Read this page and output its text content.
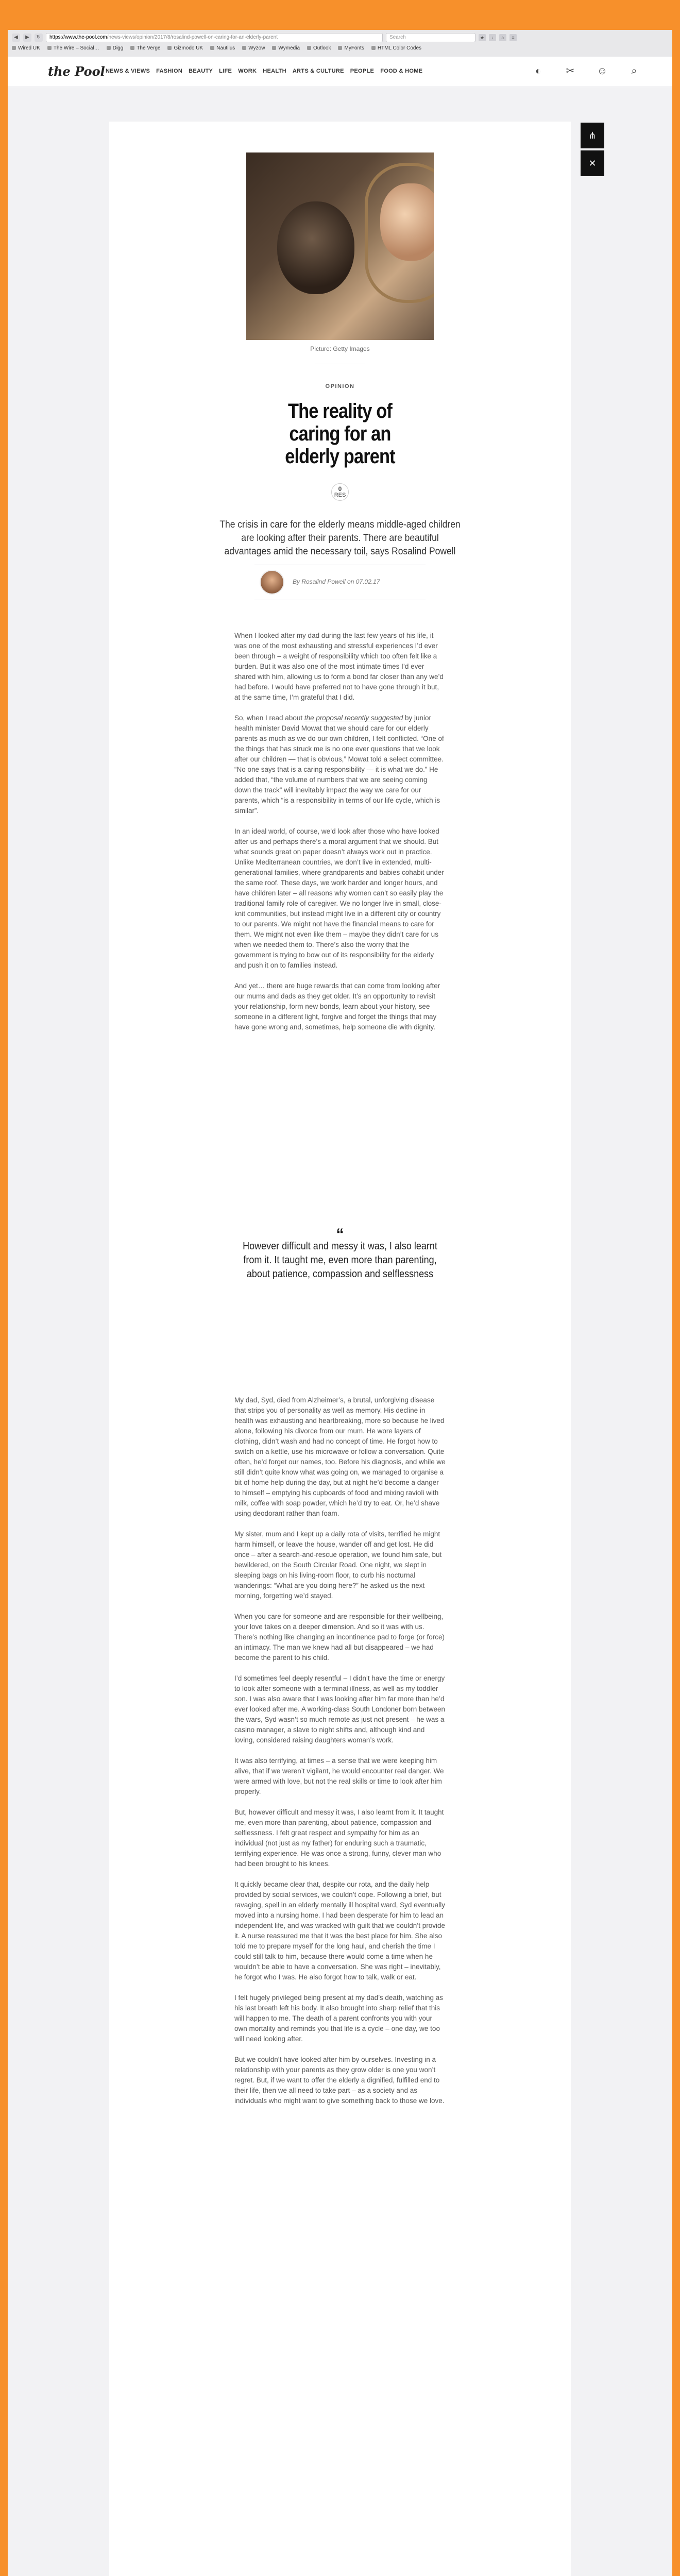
◀	▶	↻	https://www.the-pool.com/news-views/opinion/2017/8/rosalind-powell-on-caring-for-an-elderly-parent	Search	★	↓	⌂	≡
Wired UK	The Wire – Social…	Digg	The Verge	Gizmodo UK	Nautilus	Wyzow	Wymedia	Outlook	MyFonts	HTML Color Codes
the Pool NEWS & VIEWS FASHION BEAUTY LIFE WORK HEALTH ARTS & CULTURE PEOPLE FOOD & HOME	◐	✂ ☺	⌕
⋔
✕
Picture: Getty Images
OPINION
The reality of caring for an elderly parent
0
RES
The crisis in care for the elderly means middle-aged children are looking after their parents. There are beautiful advantages amid the necessary toil, says Rosalind Powell
By Rosalind Powell on 07.02.17

When I looked after my dad during the last few years of his life, it was one of the most exhausting and stressful experiences I’d ever been through – a weight of responsibility which too often felt like a burden. But it was also one of the most intimate times I’d ever shared with him, allowing us to form a bond far closer than any we’d had before. I would have preferred not to have gone through it but, at the same time, I’m grateful that I did.

So, when I read about the proposal recently suggested by junior health minister David Mowat that we should care for our elderly parents as much as we do our own children, I felt conflicted. “One of the things that has struck me is no one ever questions that we look after our children — that is obvious,” Mowat told a select committee. “No one says that is a caring responsibility — it is what we do.” He added that, “the volume of numbers that we are seeing coming down the track” will inevitably impact the way we care for our parents, which “is a responsibility in terms of our life cycle, which is similar”.

In an ideal world, of course, we’d look after those who have looked after us and perhaps there’s a moral argument that we should. But what sounds great on paper doesn’t always work out in practice. Unlike Mediterranean countries, we don’t live in extended, multi-generational families, where grandparents and babies cohabit under the same roof. These days, we work harder and longer hours, and have children later – all reasons why women can’t so easily play the traditional family role of caregiver. We no longer live in small, close-knit communities, but instead might live in a different city or country to our parents. We might not have the financial means to care for them. We might not even like them – maybe they didn’t care for us when we needed them to. There’s also the worry that the government is trying to bow out of its responsibility for the elderly and push it on to families instead.

And yet… there are huge rewards that can come from looking after our mums and dads as they get older. It’s an opportunity to revisit your relationship, form new bonds, learn about your history, see someone in a different light, forgive and forget the things that may have gone wrong and, sometimes, help someone die with dignity.

“
However difficult and messy it was, I also learnt from it. It taught me, even more than parenting, about patience, compassion and selflessness

My dad, Syd, died from Alzheimer’s, a brutal, unforgiving disease that strips you of personality as well as memory. His decline in health was exhausting and heartbreaking, more so because he lived alone, following his divorce from our mum. He wore layers of clothing, didn’t wash and had no concept of time. He forgot how to switch on a kettle, use his microwave or follow a conversation. Quite often, he’d forget our names, too. Before his diagnosis, and while we still didn’t quite know what was going on, we managed to organise a bit of home help during the day, but at night he’d become a danger to himself – emptying his cupboards of food and mixing ravioli with milk, coffee with soap powder, which he’d try to eat. Or, he’d shave using deodorant rather than foam.

My sister, mum and I kept up a daily rota of visits, terrified he might harm himself, or leave the house, wander off and get lost. He did once – after a search-and-rescue operation, we found him safe, but bewildered, on the South Circular Road. One night, we slept in sleeping bags on his living-room floor, to curb his nocturnal wanderings: “What are you doing here?” he asked us the next morning, forgetting we’d stayed.

When you care for someone and are responsible for their wellbeing, your love takes on a deeper dimension. And so it was with us. There’s nothing like changing an incontinence pad to forge (or force) an intimacy. The man we knew had all but disappeared – we had become the parent to his child.

I’d sometimes feel deeply resentful – I didn’t have the time or energy to look after someone with a terminal illness, as well as my toddler son. I was also aware that I was looking after him far more than he’d ever looked after me. A working-class South Londoner born between the wars, Syd wasn’t so much remote as just not present – he was a casino manager, a slave to night shifts and, although kind and loving, considered raising daughters woman’s work.

It was also terrifying, at times – a sense that we were keeping him alive, that if we weren’t vigilant, he would encounter real danger. We were armed with love, but not the real skills or time to look after him properly.

But, however difficult and messy it was, I also learnt from it. It taught me, even more than parenting, about patience, compassion and selflessness. I felt great respect and sympathy for him as an individual (not just as my father) for enduring such a traumatic, terrifying experience. He was once a strong, funny, clever man who had been brought to his knees.

It quickly became clear that, despite our rota, and the daily help provided by social services, we couldn’t cope. Following a brief, but ravaging, spell in an elderly mentally ill hospital ward, Syd eventually moved into a nursing home. I had been desperate for him to lead an independent life, and was wracked with guilt that we couldn’t provide it. A nurse reassured me that it was the best place for him. She also told me to prepare myself for the long haul, and cherish the time I could still talk to him, because there would come a time when he wouldn’t be able to have a conversation. She was right – inevitably, he forgot who I was. He also forgot how to talk, walk or eat.

I felt hugely privileged being present at my dad’s death, watching as his last breath left his body. It also brought into sharp relief that this will happen to me. The death of a parent confronts you with your own mortality and reminds you that life is a cycle – one day, we too will need looking after.

But we couldn’t have looked after him by ourselves. Investing in a relationship with your parents as they grow older is one you won’t regret. But, if we want to offer the elderly a dignified, fulfilled end to their life, then we all need to take part – as a society and as individuals who might want to give something back to those we love.
